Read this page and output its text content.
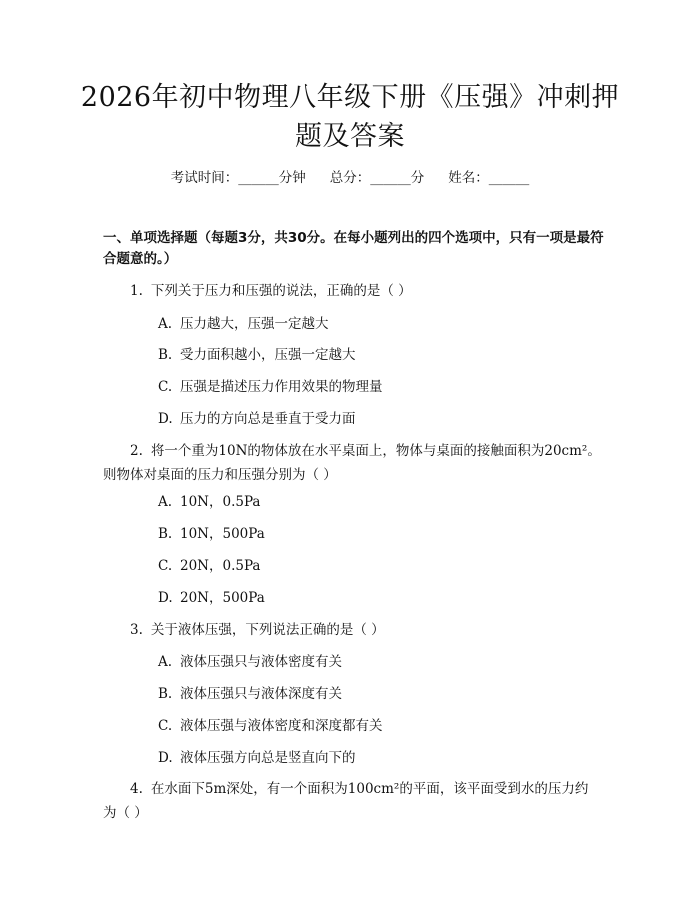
2026年初中物理八年级下册《压强》冲刺押题及答案
考试时间：______分钟 总分：______分 姓名：______
一、单项选择题（每题3分，共30分。在每小题列出的四个选项中，只有一项是最符合题意的。）
1. 下列关于压力和压强的说法，正确的是（ ）
A. 压力越大，压强一定越大
B. 受力面积越小，压强一定越大
C. 压强是描述压力作用效果的物理量
D. 压力的方向总是垂直于受力面
2. 将一个重为10N的物体放在水平桌面上，物体与桌面的接触面积为20cm²。则物体对桌面的压力和压强分别为（ ）
A. 10N，0.5Pa
B. 10N，500Pa
C. 20N，0.5Pa
D. 20N，500Pa
3. 关于液体压强，下列说法正确的是（ ）
A. 液体压强只与液体密度有关
B. 液体压强只与液体深度有关
C. 液体压强与液体密度和深度都有关
D. 液体压强方向总是竖直向下的
4. 在水面下5m深处，有一个面积为100cm²的平面，该平面受到水的压力约为（ ）
